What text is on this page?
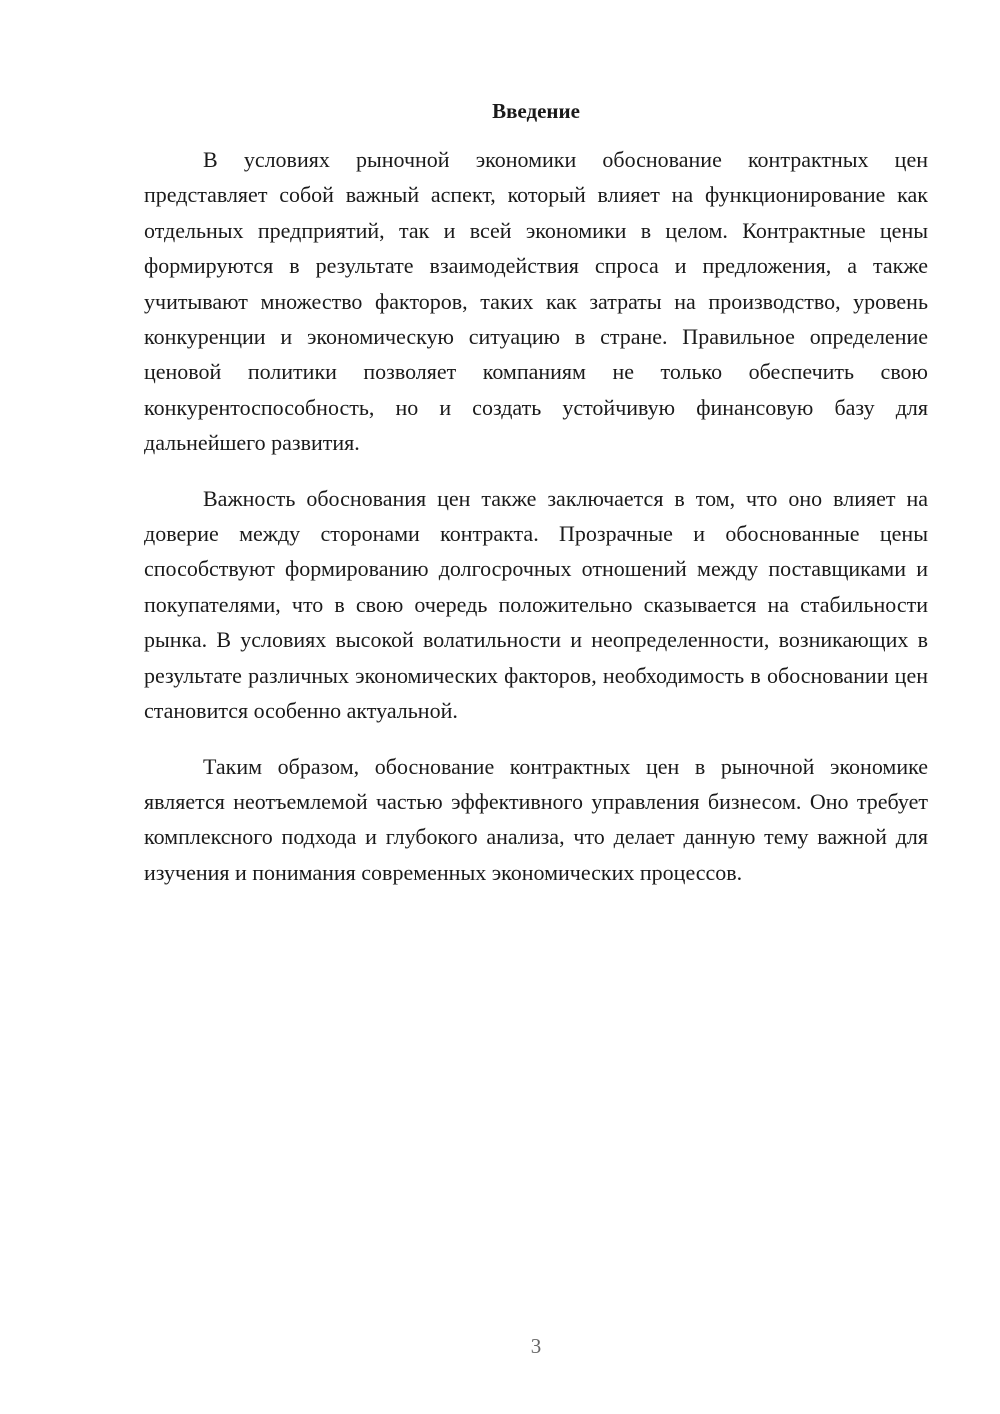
Введение

В условиях рыночной экономики обоснование контрактных цен представляет собой важный аспект, который влияет на функционирование как отдельных предприятий, так и всей экономики в целом. Контрактные цены формируются в результате взаимодействия спроса и предложения, а также учитывают множество факторов, таких как затраты на производство, уровень конкуренции и экономическую ситуацию в стране. Правильное определение ценовой политики позволяет компаниям не только обеспечить свою конкурентоспособность, но и создать устойчивую финансовую базу для дальнейшего развития.

Важность обоснования цен также заключается в том, что оно влияет на доверие между сторонами контракта. Прозрачные и обоснованные цены способствуют формированию долгосрочных отношений между поставщиками и покупателями, что в свою очередь положительно сказывается на стабильности рынка. В условиях высокой волатильности и неопределенности, возникающих в результате различных экономических факторов, необходимость в обосновании цен становится особенно актуальной.

Таким образом, обоснование контрактных цен в рыночной экономике является неотъемлемой частью эффективного управления бизнесом. Оно требует комплексного подхода и глубокого анализа, что делает данную тему важной для изучения и понимания современных экономических процессов.

3
